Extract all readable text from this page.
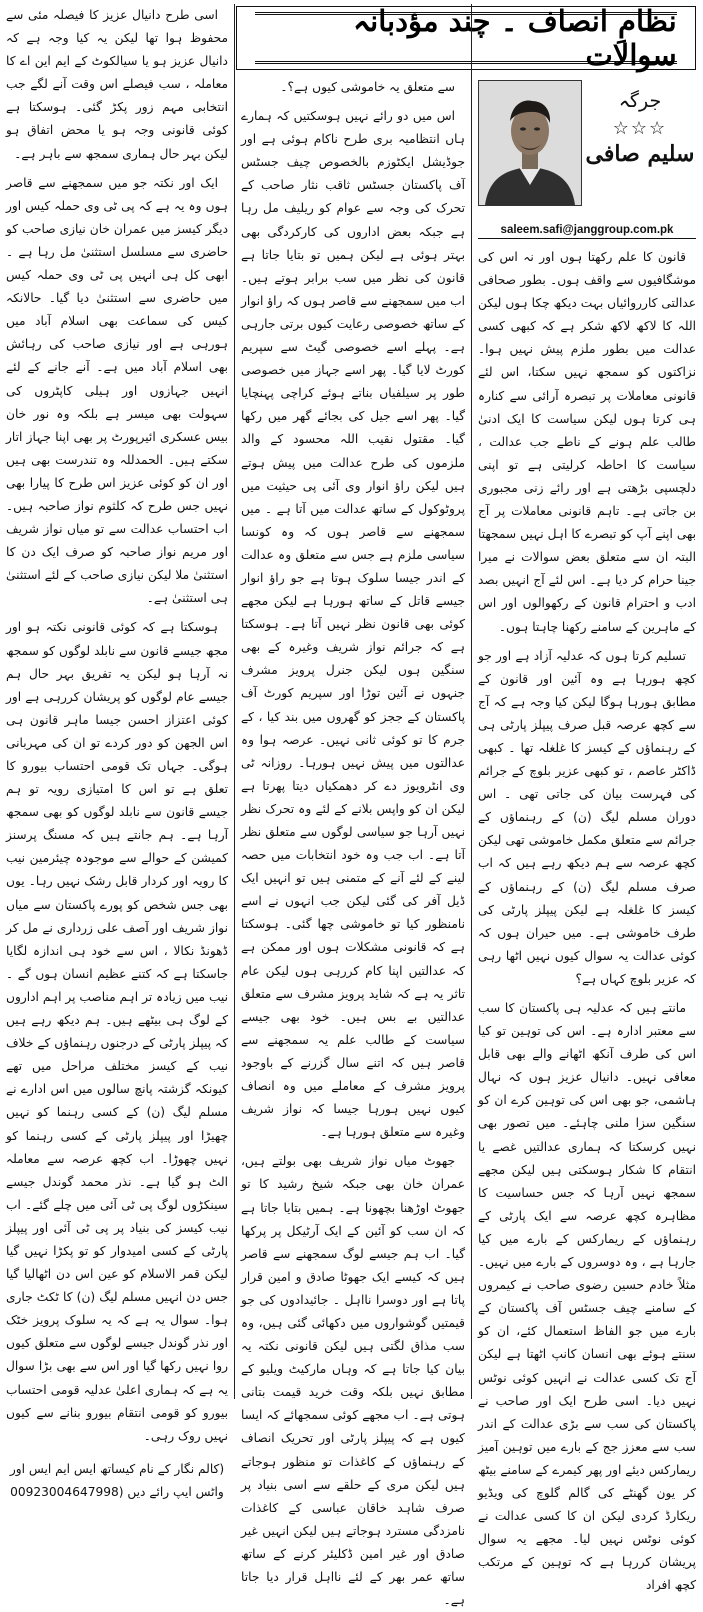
نظامِ انصاف ۔ چند مؤدبانہ سوالات
جرگہ
☆☆☆
سلیم صافی
saleem.safi@janggroup.com.pk

قانون کا علم رکھتا ہوں اور نہ اس کی موشگافیوں سے واقف ہوں۔ بطور صحافی عدالتی کارروائیاں بہت دیکھ چکا ہوں لیکن اللہ کا لاکھ لاکھ شکر ہے کہ کبھی کسی عدالت میں بطور ملزم پیش نہیں ہوا۔ نزاکتوں کو سمجھ نہیں سکتا، اس لئے قانونی معاملات پر تبصرہ آرائی سے کنارہ ہی کرتا ہوں لیکن سیاست کا ایک ادنیٰ طالب علم ہونے کے ناطے جب عدالت ، سیاست کا احاطہ کرلیتی ہے تو اپنی دلچسپی بڑھتی ہے اور رائے زنی مجبوری بن جاتی ہے۔ تاہم قانونی معاملات پر آج بھی اپنے آپ کو تبصرے کا اہل نہیں سمجھتا البتہ ان سے متعلق بعض سوالات نے میرا جینا حرام کر دیا ہے۔ اس لئے آج انہیں بصد ادب و احترام قانون کے رکھوالوں اور اس کے ماہرین کے سامنے رکھنا چاہتا ہوں۔

تسلیم کرتا ہوں کہ عدلیہ آزاد ہے اور جو کچھ ہورہا ہے وہ آئین اور قانون کے مطابق ہورہا ہوگا لیکن کیا وجہ ہے کہ آج سے کچھ عرصہ قبل صرف پیپلز پارٹی ہی کے رہنماؤں کے کیسز کا غلغلہ تھا ۔ کبھی ڈاکٹر عاصم ، تو کبھی عزیر بلوچ کے جرائم کی فہرست بیان کی جاتی تھی ۔ اس دوران مسلم لیگ (ن) کے رہنماؤں کے جرائم سے متعلق مکمل خاموشی تھی لیکن کچھ عرصہ سے ہم دیکھ رہے ہیں کہ اب صرف مسلم لیگ (ن) کے رہنماؤں کے کیسز کا غلغلہ ہے لیکن پیپلز پارٹی کی طرف خاموشی ہے۔ میں حیران ہوں کہ کوئی عدالت یہ سوال کیوں نہیں اٹھا رہی کہ عزیر بلوچ کہاں ہے؟

مانتے ہیں کہ عدلیہ ہی پاکستان کا سب سے معتبر ادارہ ہے۔ اس کی توہین تو کیا اس کی طرف آنکھ اٹھانے والے بھی قابل معافی نہیں۔ دانیال عزیز ہوں کہ نہال ہاشمی، جو بھی اس کی توہین کرے ان کو سنگین سزا ملنی چاہئے۔ میں تصور بھی نہیں کرسکتا کہ ہماری عدالتیں غصے یا انتقام کا شکار ہوسکتی ہیں لیکن مجھے سمجھ نہیں آرہا کہ جس حساسیت کا مظاہرہ کچھ عرصہ سے ایک پارٹی کے رہنماؤں کے ریمارکس کے بارے میں کیا جارہا ہے ، وہ دوسروں کے بارے میں نہیں۔ مثلاً خادم حسین رضوی صاحب نے کیمروں کے سامنے چیف جسٹس آف پاکستان کے بارے میں جو الفاظ استعمال کئے، ان کو سنتے ہوئے بھی انسان کانپ اٹھتا ہے لیکن آج تک کسی عدالت نے انہیں کوئی نوٹس نہیں دیا۔ اسی طرح ایک اور صاحب نے پاکستان کی سب سے بڑی عدالت کے اندر سب سے معزز جج کے بارے میں توہین آمیز ریمارکس دیئے اور پھر کیمرے کے سامنے بیٹھ کر یون گھنٹے کی گالم گلوچ کی ویڈیو ریکارڈ کردی لیکن ان کا کسی عدالت نے کوئی نوٹس نہیں لیا۔ مجھے یہ سوال پریشان کررہا ہے کہ توہین کے مرتکب کچھ افراد

سے متعلق یہ خاموشی کیوں ہے؟۔

اس میں دو رائے نہیں ہوسکتیں کہ ہمارے ہاں انتظامیہ بری طرح ناکام ہوئی ہے اور جوڈیشل ایکٹوزم بالخصوص چیف جسٹس آف پاکستان جسٹس ثاقب نثار صاحب کے تحرک کی وجہ سے عوام کو ریلیف مل رہا ہے جبکہ بعض اداروں کی کارکردگی بھی بہتر ہوئی ہے لیکن ہمیں تو بتایا جاتا ہے قانون کی نظر میں سب برابر ہوتے ہیں۔ اب میں سمجھنے سے قاصر ہوں کہ راؤ انوار کے ساتھ خصوصی رعایت کیوں برتی جارہی ہے۔ پہلے اسے خصوصی گیٹ سے سپریم کورٹ لایا گیا۔ پھر اسے جہاز میں خصوصی طور پر سیلفیاں بناتے ہوئے کراچی پہنچایا گیا۔ پھر اسے جیل کی بجائے گھر میں رکھا گیا۔ مقتول نقیب اللہ محسود کے والد ملزموں کی طرح عدالت میں پیش ہوتے ہیں لیکن راؤ انوار وی آئی پی حیثیت میں پروٹوکول کے ساتھ عدالت میں آتا ہے ۔ میں سمجھنے سے قاصر ہوں کہ وہ کونسا سیاسی ملزم ہے جس سے متعلق وہ عدالت کے اندر جیسا سلوک ہوتا ہے جو راؤ انوار جیسے قاتل کے ساتھ ہورہا ہے لیکن مجھے کوئی بھی قانون نظر نہیں آتا ہے۔ ہوسکتا ہے کہ جرائم نواز شریف وغیرہ کے بھی سنگین ہوں لیکن جنرل پرویز مشرف جنہوں نے آئین توڑا اور سپریم کورٹ آف پاکستان کے ججز کو گھروں میں بند کیا ، کے جرم کا تو کوئی ثانی نہیں۔ عرصہ ہوا وہ عدالتوں میں پیش نہیں ہورہا۔ روزانہ ٹی وی انٹرویوز دے کر دھمکیاں دیتا پھرتا ہے لیکن ان کو واپس بلانے کے لئے وہ تحرک نظر نہیں آرہا جو سیاسی لوگوں سے متعلق نظر آتا ہے۔ اب جب وہ خود انتخابات میں حصہ لینے کے لئے آنے کے متمنی ہیں تو انہیں ایک ڈیل آفر کی گئی لیکن جب انہوں نے اسے نامنظور کیا تو خاموشی چھا گئی۔ ہوسکتا ہے کہ قانونی مشکلات ہوں اور ممکن ہے کہ عدالتیں اپنا کام کررہی ہوں لیکن عام تاثر یہ ہے کہ شاید پرویز مشرف سے متعلق عدالتیں بے بس ہیں۔ خود بھی جیسے سیاست کے طالب علم یہ سمجھنے سے قاصر ہیں کہ اتنے سال گزرنے کے باوجود پرویز مشرف کے معاملے میں وہ انصاف کیوں نہیں ہورہا جیسا کہ نواز شریف وغیرہ سے متعلق ہورہا ہے۔

جھوٹ میاں نواز شریف بھی بولتے ہیں، عمران خان بھی جبکہ شیخ رشید کا تو جھوٹ اوڑھنا بچھونا ہے۔ ہمیں بتایا جاتا ہے کہ ان سب کو آئین کے ایک آرٹیکل پر پرکھا گیا۔ اب ہم جیسے لوگ سمجھنے سے قاصر ہیں کہ کیسے ایک جھوٹا صادق و امین قرار پاتا ہے اور دوسرا نااہل ۔ جائیدادوں کی جو قیمتیں گوشواروں میں دکھائی گئی ہیں، وہ سب مذاق لگتی ہیں لیکن قانونی نکتہ یہ بیان کیا جاتا ہے کہ وہاں مارکیٹ ویلیو کے مطابق نہیں بلکہ وقت خرید قیمت بتانی ہوتی ہے۔ اب مجھے کوئی سمجھائے کہ ایسا کیوں ہے کہ پیپلز پارٹی اور تحریک انصاف کے رہنماؤں کے کاغذات تو منظور ہوجاتے ہیں لیکن مری کے حلقے سے اسی بنیاد پر صرف شاہد خاقان عباسی کے کاغذات نامزدگی مسترد ہوجاتے ہیں لیکن انہیں غیر صادق اور غیر امین ڈکلیئر کرنے کے ساتھ ساتھ عمر بھر کے لئے نااہل قرار دیا جاتا ہے۔

اسی طرح دانیال عزیز کا فیصلہ مئی سے محفوظ ہوا تھا لیکن یہ کیا وجہ ہے کہ دانیال عزیز ہو یا سیالکوٹ کے ایم این اے کا معاملہ ، سب فیصلے اس وقت آنے لگے جب انتخابی مہم زور پکڑ گئی۔ ہوسکتا ہے کوئی قانونی وجہ ہو یا محض اتفاق ہو لیکن بہر حال ہماری سمجھ سے باہر ہے۔

ایک اور نکتہ جو میں سمجھنے سے قاصر ہوں وہ یہ ہے کہ پی ٹی وی حملہ کیس اور دیگر کیسز میں عمران خان نیازی صاحب کو حاضری سے مسلسل استثنیٰ مل رہا ہے ۔ ابھی کل ہی انہیں پی ٹی وی حملہ کیس میں حاضری سے استثنیٰ دیا گیا۔ حالانکہ کیس کی سماعت بھی اسلام آباد میں ہورہی ہے اور نیازی صاحب کی رہائش بھی اسلام آباد میں ہے۔ آنے جانے کے لئے انہیں جہازوں اور ہیلی کاپٹروں کی سہولت بھی میسر ہے بلکہ وہ نور خان بیس عسکری ائیرپورٹ پر بھی اپنا جہاز اتار سکتے ہیں۔ الحمدللہ وہ تندرست بھی ہیں اور ان کو کوئی عزیز اس طرح کا پیارا بھی نہیں جس طرح کہ کلثوم نواز صاحبہ ہیں۔ اب احتساب عدالت سے تو میاں نواز شریف اور مریم نواز صاحبہ کو صرف ایک دن کا استثنیٰ ملا لیکن نیازی صاحب کے لئے استثنیٰ ہی استثنیٰ ہے۔

ہوسکتا ہے کہ کوئی قانونی نکتہ ہو اور مجھ جیسے قانون سے نابلد لوگوں کو سمجھ نہ آرہا ہو لیکن یہ تفریق بہر حال ہم جیسے عام لوگوں کو پریشان کررہی ہے اور کوئی اعتزاز احسن جیسا ماہر قانون ہی اس الجھن کو دور کردے تو ان کی مہربانی ہوگی۔ جہاں تک قومی احتساب بیورو کا تعلق ہے تو اس کا امتیازی رویہ تو ہم جیسے قانون سے نابلد لوگوں کو بھی سمجھ آرہا ہے۔ ہم جانتے ہیں کہ مسنگ پرسنز کمیشن کے حوالے سے موجودہ چیئرمین نیب کا رویہ اور کردار قابل رشک نہیں رہا۔ یوں بھی جس شخص کو پورے پاکستان سے میاں نواز شریف اور آصف علی زرداری نے مل کر ڈھونڈ نکالا ، اس سے خود ہی اندازہ لگایا جاسکتا ہے کہ کتنے عظیم انسان ہوں گے ۔ نیب میں زیادہ تر اہم مناصب پر اہم اداروں کے لوگ ہی بیٹھے ہیں۔ ہم دیکھ رہے ہیں کہ پیپلز پارٹی کے درجنوں رہنماؤں کے خلاف نیب کے کیسز مختلف مراحل میں تھے کیونکہ گزشتہ پانچ سالوں میں اس ادارے نے مسلم لیگ (ن) کے کسی رہنما کو نہیں چھیڑا اور پیپلز پارٹی کے کسی رہنما کو نہیں چھوڑا۔ اب کچھ عرصہ سے معاملہ الٹ ہو گیا ہے۔ نذر محمد گوندل جیسے سینکڑوں لوگ پی ٹی آئی میں چلے گئے۔ اب نیب کیسز کی بنیاد پر پی ٹی آئی اور پیپلز پارٹی کے کسی امیدوار کو تو پکڑا نہیں گیا لیکن قمر الاسلام کو عین اس دن اٹھالیا گیا جس دن انہیں مسلم لیگ (ن) کا ٹکٹ جاری ہوا۔ سوال یہ ہے کہ یہ سلوک پرویز خٹک اور نذر گوندل جیسے لوگوں سے متعلق کیوں روا نہیں رکھا گیا اور اس سے بھی بڑا سوال یہ ہے کہ ہماری اعلیٰ عدلیہ قومی احتساب بیورو کو قومی انتقام بیورو بنانے سے کیوں نہیں روک رہی۔

(کالم نگار کے نام کیساتھ ایس ایم ایس اور واٹس ایپ رائے دیں 00923004647998)
